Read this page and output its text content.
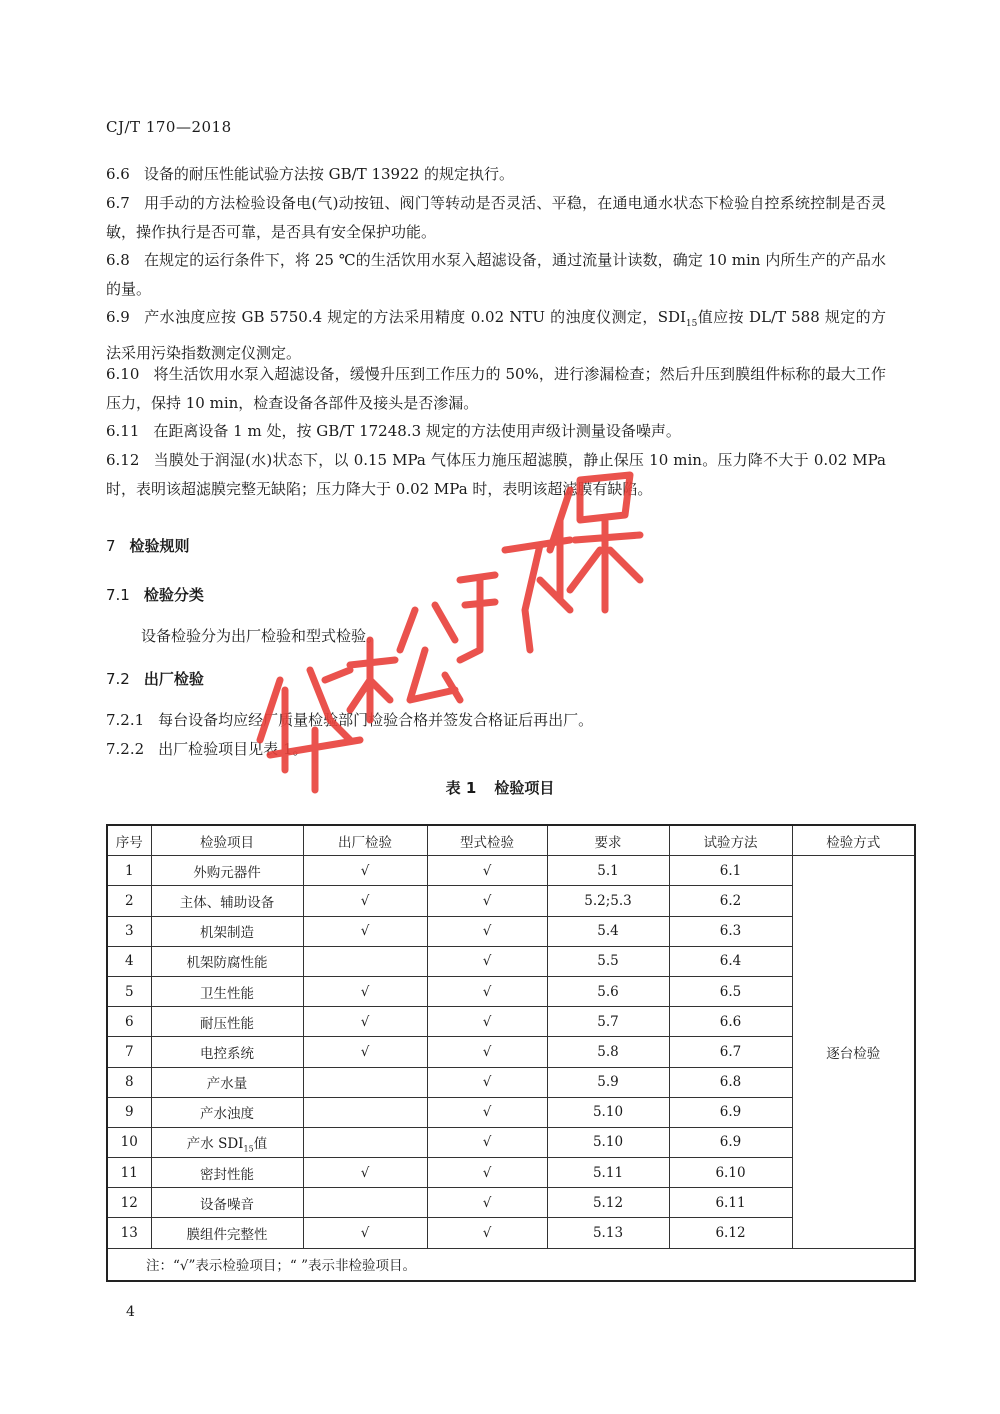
CJ/T 170—2018
6.6 设备的耐压性能试验方法按 GB/T 13922 的规定执行。
6.7 用手动的方法检验设备电(气)动按钮、阀门等转动是否灵活、平稳，在通电通水状态下检验自控系统控制是否灵敏，操作执行是否可靠，是否具有安全保护功能。
6.8 在规定的运行条件下，将 25 ℃的生活饮用水泵入超滤设备，通过流量计读数，确定 10 min 内所生产的产品水的量。
6.9 产水浊度应按 GB 5750.4 规定的方法采用精度 0.02 NTU 的浊度仪测定，$SDI_{15}$值应按 DL/T 588 规定的方法采用污染指数测定仪测定。
6.10 将生活饮用水泵入超滤设备，缓慢升压到工作压力的 50%，进行渗漏检查；然后升压到膜组件标称的最大工作压力，保持 10 min，检查设备各部件及接头是否渗漏。
6.11 在距离设备 1 m 处，按 GB/T 17248.3 规定的方法使用声级计测量设备噪声。
6.12 当膜处于润湿(水)状态下，以 0.15 MPa 气体压力施压超滤膜，静止保压 10 min。压力降不大于 0.02 MPa 时，表明该超滤膜完整无缺陷；压力降大于 0.02 MPa 时，表明该超滤膜有缺陷。
7 检验规则
7.1 检验分类
设备检验分为出厂检验和型式检验。
7.2 出厂检验
7.2.1 每台设备均应经厂质量检验部门检验合格并签发合格证后再出厂。
7.2.2 出厂检验项目见表 1。
表 1 检验项目
序号	检验项目	出厂检验	型式检验	要求	试验方法	检验方式
1	外购元器件	√	√	5.1	6.1	逐台检验
2	主体、辅助设备	√	√	5.2;5.3	6.2	
3	机架制造	√	√	5.4	6.3	
4	机架防腐性能		√	5.5	6.4	
5	卫生性能	√	√	5.6	6.5	
6	耐压性能	√	√	5.7	6.6	
7	电控系统	√	√	5.8	6.7	
8	产水量		√	5.9	6.8	
9	产水浊度		√	5.10	6.9	
10	产水 $SDI_{15}$值		√	5.10	6.9	
11	密封性能	√	√	5.11	6.10	
12	设备噪音		√	5.12	6.11	
13	膜组件完整性	√	√	5.13	6.12	
注：“√”表示检验项目；“ ”表示非检验项目。						
4
